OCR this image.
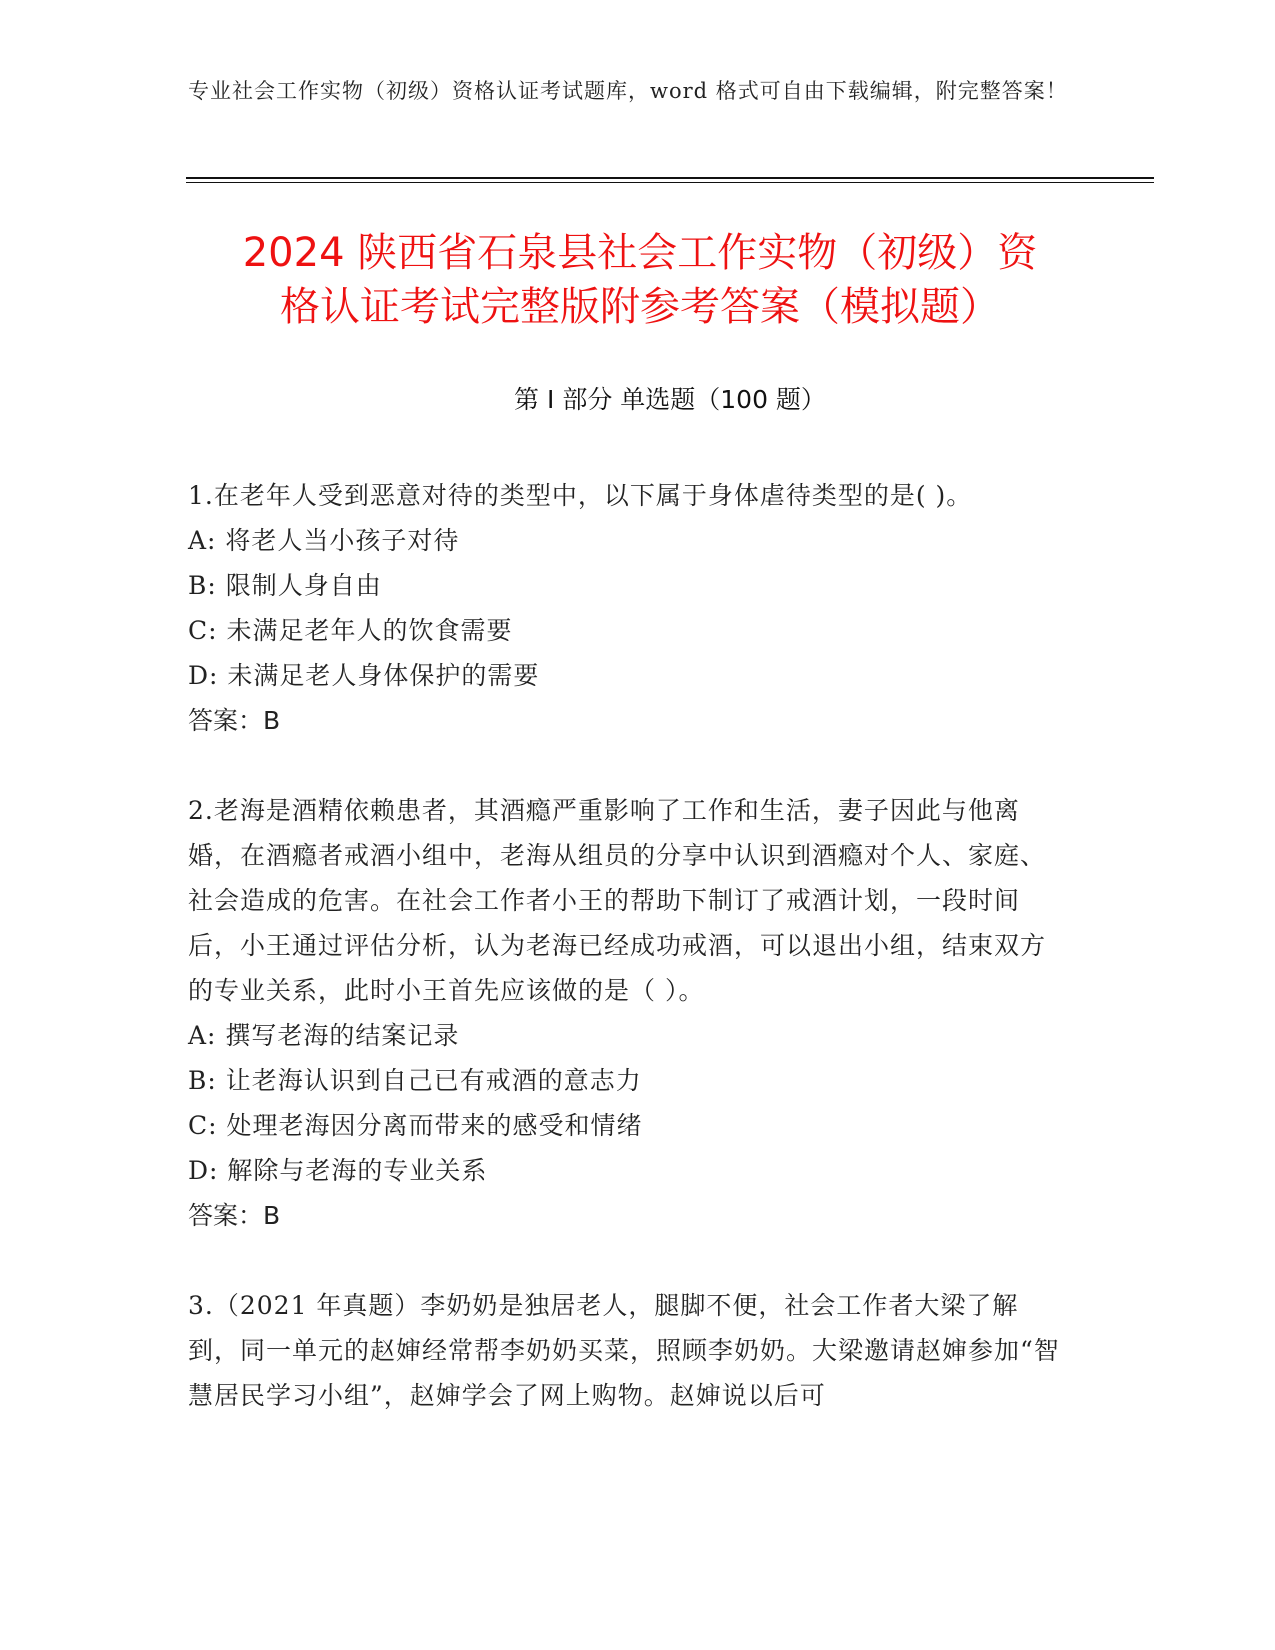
专业社会工作实物（初级）资格认证考试题库，word 格式可自由下载编辑，附完整答案！
2024 陕西省石泉县社会工作实物（初级）资
格认证考试完整版附参考答案（模拟题）
第 I 部分 单选题（100 题）

1.在老年人受到恶意对待的类型中，以下属于身体虐待类型的是( )。

A: 将老人当小孩子对待

B: 限制人身自由

C: 未满足老年人的饮食需要

D: 未满足老人身体保护的需要

答案：B

2.老海是酒精依赖患者，其酒瘾严重影响了工作和生活，妻子因此与他离婚，在酒瘾者戒酒小组中，老海从组员的分享中认识到酒瘾对个人、家庭、社会造成的危害。在社会工作者小王的帮助下制订了戒酒计划，一段时间后，小王通过评估分析，认为老海已经成功戒酒，可以退出小组，结束双方的专业关系，此时小王首先应该做的是（ ）。

A: 撰写老海的结案记录

B: 让老海认识到自己已有戒酒的意志力

C: 处理老海因分离而带来的感受和情绪

D: 解除与老海的专业关系

答案：B

3.（2021 年真题）李奶奶是独居老人，腿脚不便，社会工作者大梁了解到，同一单元的赵婶经常帮李奶奶买菜，照顾李奶奶。大梁邀请赵婶参加“智慧居民学习小组”，赵婶学会了网上购物。赵婶说以后可
